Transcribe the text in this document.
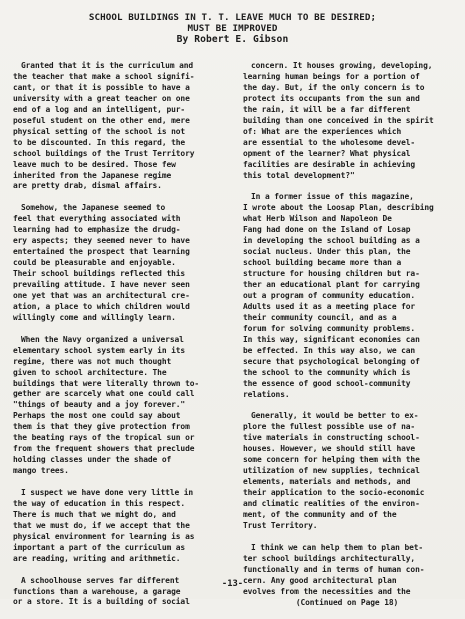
SCHOOL BUILDINGS IN T. T. LEAVE MUCH TO BE DESIRED;
MUST BE IMPROVED
By Robert E. Gibson
Granted that it is the curriculum and
the teacher that make a school signifi-
cant, or that it is possible to have a
university with a great teacher on one
end of a log and an intelligent, pur-
poseful student on the other end, mere
physical setting of the school is not
to be discounted. In this regard, the
school buildings of the Trust Territory
leave much to be desired. Those few
inherited from the Japanese regime
are pretty drab, dismal affairs.
Somehow, the Japanese seemed to
feel that everything associated with
learning had to emphasize the drudg-
ery aspects; they seemed never to have
entertained the prospect that learning
could be pleasurable and enjoyable.
Their school buildings reflected this
prevailing attitude. I have never seen
one yet that was an architectural cre-
ation, a place to which children would
willingly come and willingly learn.
When the Navy organized a universal
elementary school system early in its
regime, there was not much thought
given to school architecture. The
buildings that were literally thrown to-
gether are scarcely what one could call
"things of beauty and a joy forever."
Perhaps the most one could say about
them is that they give protection from
the beating rays of the tropical sun or
from the frequent showers that preclude
holding classes under the shade of
mango trees.
I suspect we have done very little in
the way of education in this respect.
There is much that we might do, and
that we must do, if we accept that the
physical environment for learning is as
important a part of the curriculum as
are reading, writing and arithmetic.
A schoolhouse serves far different
functions than a warehouse, a garage
or a store. It is a building of social
concern. It houses growing, developing,
learning human beings for a portion of
the day. But, if the only concern is to
protect its occupants from the sun and
the rain, it will be a far different
building than one conceived in the spirit
of: What are the experiences which
are essential to the wholesome devel-
opment of the learner? What physical
facilities are desirable in achieving
this total development?"
In a former issue of this magazine,
I wrote about the Loosap Plan, describing
what Herb Wilson and Napoleon De
Fang had done on the Island of Losap
in developing the school building as a
social nucleus. Under this plan, the
school building became more than a
structure for housing children but ra-
ther an educational plant for carrying
out a program of community education.
Adults used it as a meeting place for
their community council, and as a
forum for solving community problems.
In this way, significant economies can
be effected. In this way also, we can
secure that psychological belonging of
the school to the community which is
the essence of good school-community
relations.
Generally, it would be better to ex-
plore the fullest possible use of na-
tive materials in constructing school-
houses. However, we should still have
some concern for helping them with the
utilization of new supplies, technical
elements, materials and methods, and
their application to the socio-economic
and climatic realities of the environ-
ment, of the community and of the
Trust Territory.
I think we can help them to plan bet-
ter school buildings architecturally,
functionally and in terms of human con-
cern. Any good architectural plan
evolves from the necessities and the
(Continued on Page 18)
-13-
